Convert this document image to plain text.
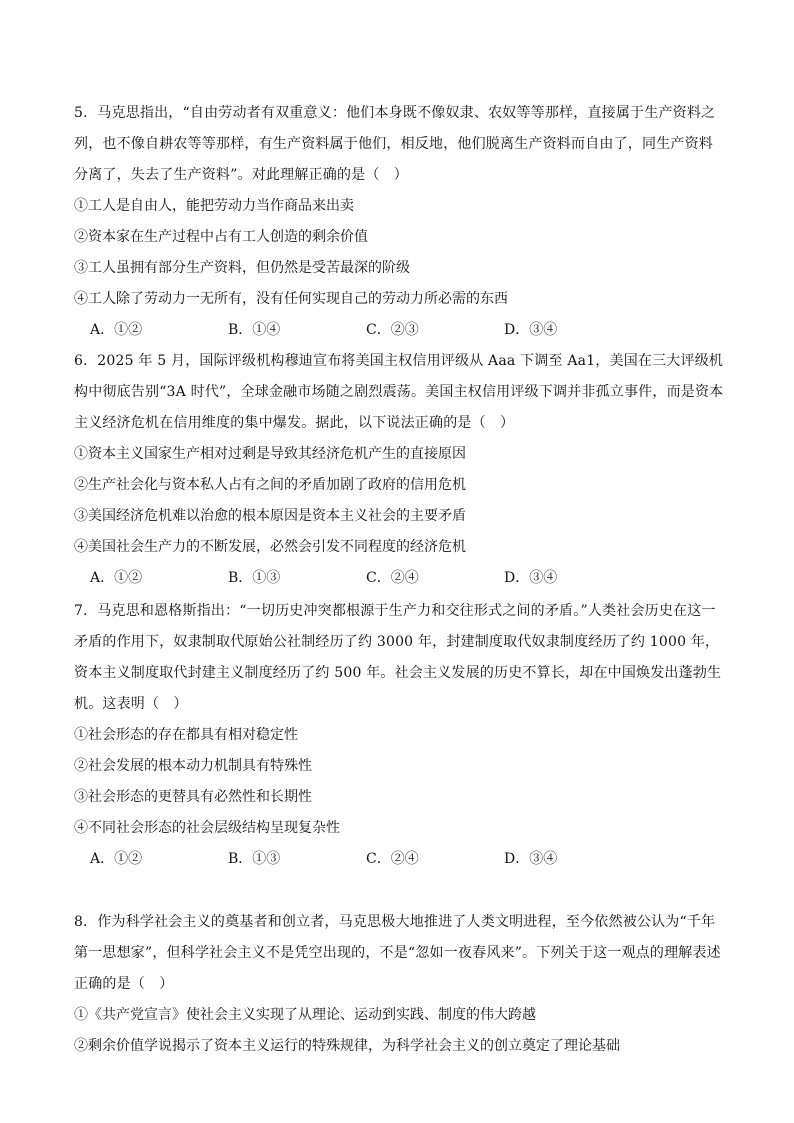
5．马克思指出，“自由劳动者有双重意义：他们本身既不像奴隶、农奴等等那样，直接属于生产资料之列，也不像自耕农等等那样，有生产资料属于他们，相反地，他们脱离生产资料而自由了，同生产资料分离了，失去了生产资料”。对此理解正确的是（　）

①工人是自由人，能把劳动力当作商品来出卖

②资本家在生产过程中占有工人创造的剩余价值

③工人虽拥有部分生产资料，但仍然是受苦最深的阶级

④工人除了劳动力一无所有，没有任何实现自己的劳动力所必需的东西

A．①②	B．①④	C．②③	D．③④

6．2025 年 5 月，国际评级机构穆迪宣布将美国主权信用评级从 Aaa 下调至 Aa1，美国在三大评级机构中彻底告别“3A 时代”，全球金融市场随之剧烈震荡。美国主权信用评级下调并非孤立事件，而是资本主义经济危机在信用维度的集中爆发。据此，以下说法正确的是（　）

①资本主义国家生产相对过剩是导致其经济危机产生的直接原因

②生产社会化与资本私人占有之间的矛盾加剧了政府的信用危机

③美国经济危机难以治愈的根本原因是资本主义社会的主要矛盾

④美国社会生产力的不断发展，必然会引发不同程度的经济危机

A．①②	B．①③	C．②④	D．③④

7．马克思和恩格斯指出：“一切历史冲突都根源于生产力和交往形式之间的矛盾。”人类社会历史在这一矛盾的作用下，奴隶制取代原始公社制经历了约 3000 年，封建制度取代奴隶制度经历了约 1000 年，资本主义制度取代封建主义制度经历了约 500 年。社会主义发展的历史不算长，却在中国焕发出蓬勃生机。这表明（　）

①社会形态的存在都具有相对稳定性

②社会发展的根本动力机制具有特殊性

③社会形态的更替具有必然性和长期性

④不同社会形态的社会层级结构呈现复杂性

A．①②	B．①③	C．②④	D．③④

8．作为科学社会主义的奠基者和创立者，马克思极大地推进了人类文明进程，至今依然被公认为“千年第一思想家”，但科学社会主义不是凭空出现的，不是“忽如一夜春风来”。下列关于这一观点的理解表述正确的是（　）

①《共产党宣言》使社会主义实现了从理论、运动到实践、制度的伟大跨越

②剩余价值学说揭示了资本主义运行的特殊规律，为科学社会主义的创立奠定了理论基础
